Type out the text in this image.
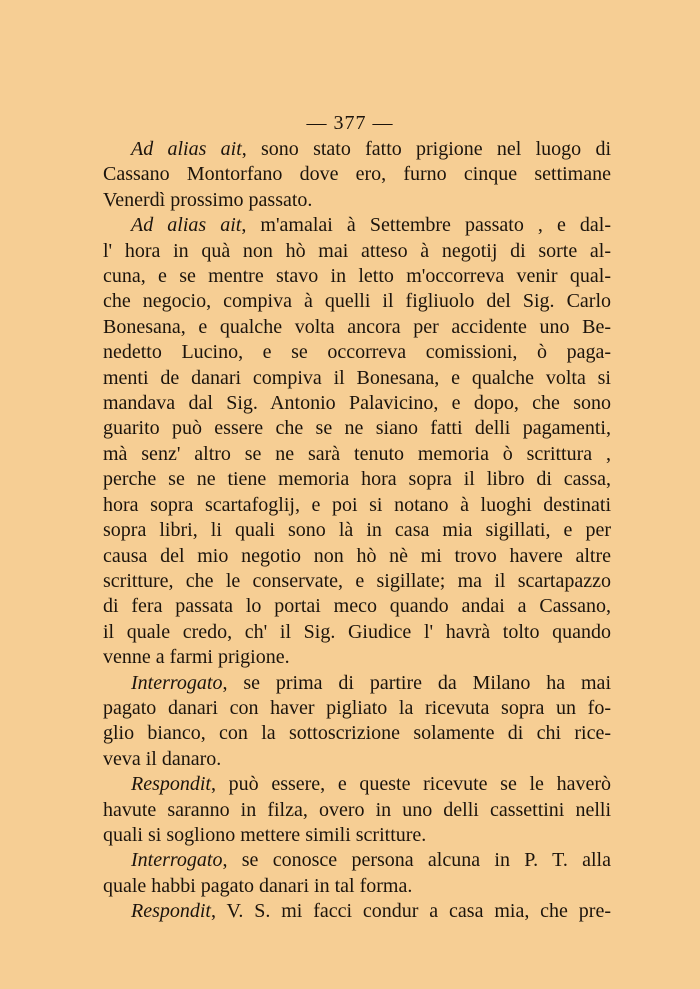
— 377 —
Ad alias ait, sono stato fatto prigione nel luogo di
Cassano Montorfano dove ero, furno cinque settimane
Venerdì prossimo passato.
Ad alias ait, m'amalai à Settembre passato , e dal-
l' hora in quà non hò mai atteso à negotij di sorte al-
cuna, e se mentre stavo in letto m'occorreva venir qual-
che negocio, compiva à quelli il figliuolo del Sig. Carlo
Bonesana, e qualche volta ancora per accidente uno Be-
nedetto Lucino, e se occorreva comissioni, ò paga-
menti de danari compiva il Bonesana, e qualche volta si
mandava dal Sig. Antonio Palavicino, e dopo, che sono
guarito può essere che se ne siano fatti delli pagamenti,
mà senz' altro se ne sarà tenuto memoria ò scrittura ,
perche se ne tiene memoria hora sopra il libro di cassa,
hora sopra scartafoglij, e poi si notano à luoghi destinati
sopra libri, li quali sono là in casa mia sigillati, e per
causa del mio negotio non hò nè mi trovo havere altre
scritture, che le conservate, e sigillate; ma il scartapazzo
di fera passata lo portai meco quando andai a Cassano,
il quale credo, ch' il Sig. Giudice l' havrà tolto quando
venne a farmi prigione.
Interrogato, se prima di partire da Milano ha mai
pagato danari con haver pigliato la ricevuta sopra un fo-
glio bianco, con la sottoscrizione solamente di chi rice-
veva il danaro.
Respondit, può essere, e queste ricevute se le haverò
havute saranno in filza, overo in uno delli cassettini nelli
quali si sogliono mettere simili scritture.
Interrogato, se conosce persona alcuna in P. T. alla
quale habbi pagato danari in tal forma.
Respondit, V. S. mi facci condur a casa mia, che pre-
